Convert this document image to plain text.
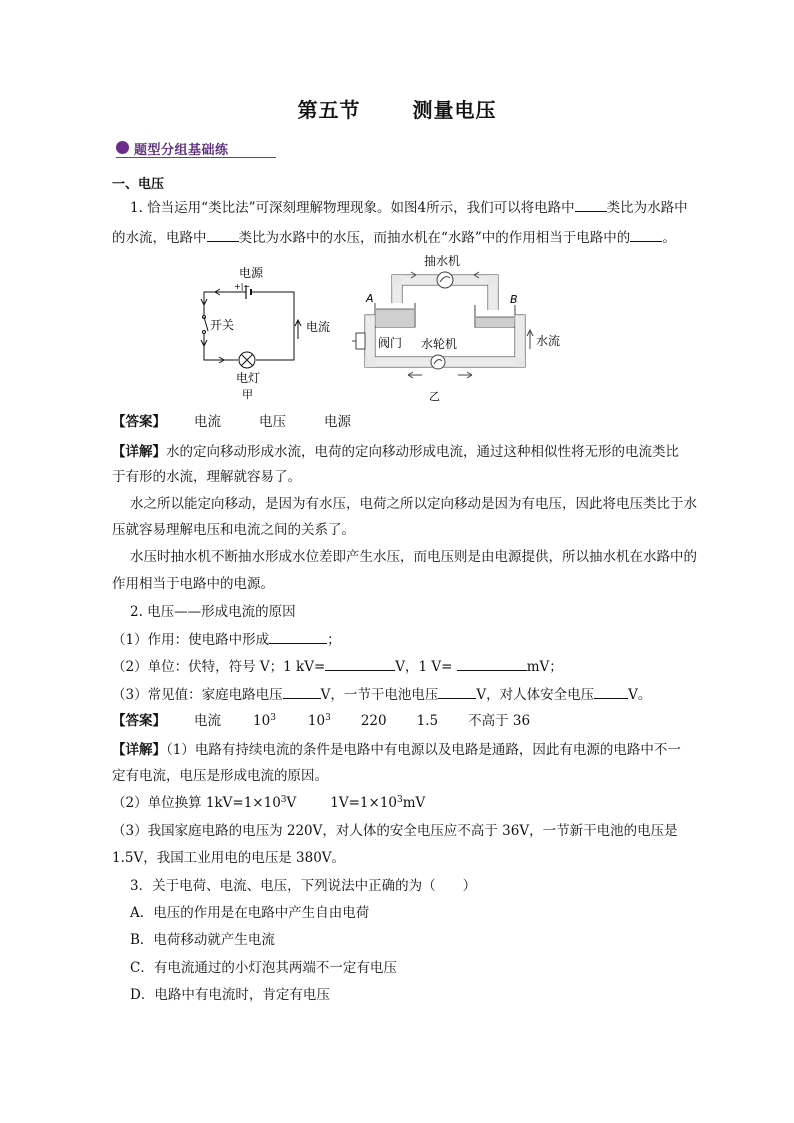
第五节	测量电压
题型分组基础练
一、电压
1. 恰当运用“类比法”可深刻理解物理现象。如图4所示，我们可以将电路中 类比为水路中
的水流，电路中 类比为水路中的水压，而抽水机在“水路”中的作用相当于电路中的 。
电源
+|−
开关
电灯
甲
电流
抽水机
A	B
阀门 水轮机	水流
乙
【答案】 电流	电压	电源
【详解】水的定向移动形成水流，电荷的定向移动形成电流，通过这种相似性将无形的电流类比
于有形的水流，理解就容易了。
水之所以能定向移动，是因为有水压，电荷之所以定向移动是因为有电压，因此将电压类比于水
压就容易理解电压和电流之间的关系了。
水压时抽水机不断抽水形成水位差即产生水压，而电压则是由电源提供，所以抽水机在水路中的
作用相当于电路中的电源。
2. 电压——形成电流的原因
（1）作用：使电路中形成	；
（2）单位：伏特，符号 V；1 kV=	V，1 V=	mV；
（3）常见值：家庭电路电压	V，一节干电池电压	V，对人体安全电压	V。
【答案】 电流 $10^3$ $10^3$ 220 1.5 不高于 36
【详解】（1）电路有持续电流的条件是电路中有电源以及电路是通路，因此有电源的电路中不一
定有电流，电压是形成电流的原因。
（2）单位换算 $1kV=1\times 10^3V$	$1V=1\times 10^3mV$
（3）我国家庭电路的电压为 220V，对人体的安全电压应不高于 36V，一节新干电池的电压是
1.5V，我国工业用电的电压是 380V。
3．关于电荷、电流、电压，下列说法中正确的为（　　）
A．电压的作用是在电路中产生自由电荷
B．电荷移动就产生电流
C．有电流通过的小灯泡其两端不一定有电压
D．电路中有电流时，肯定有电压
